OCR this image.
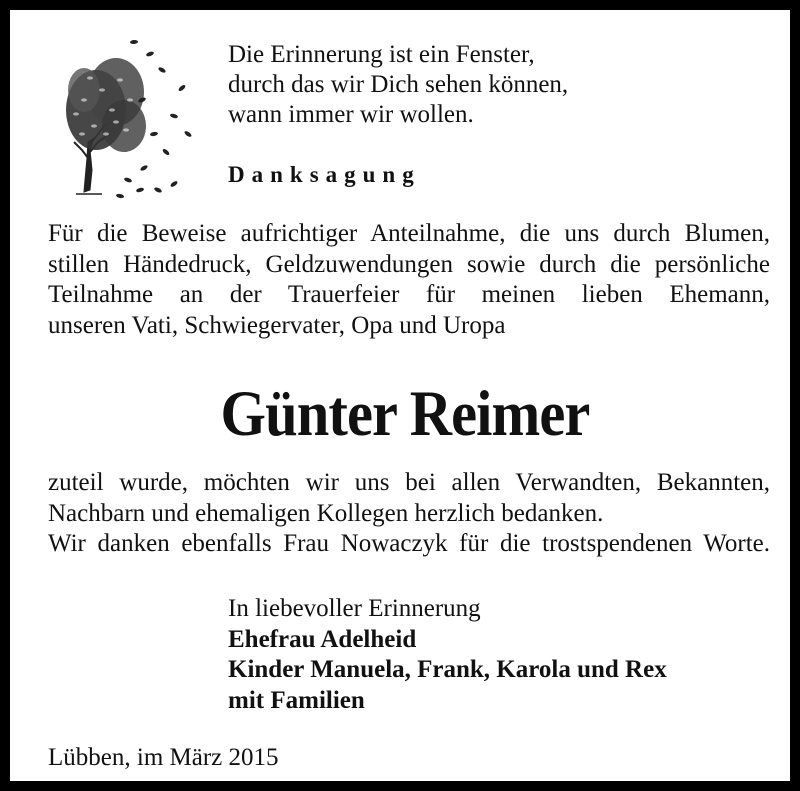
Die Erinnerung ist ein Fenster,
durch das wir Dich sehen können,
wann immer wir wollen.
Danksagung
Für die Beweise aufrichtiger Anteilnahme, die uns durch Blumen,
stillen Händedruck, Geldzuwendungen sowie durch die persönliche
Teilnahme an der Trauerfeier für meinen lieben Ehemann,
unseren Vati, Schwiegervater, Opa und Uropa
Günter Reimer
zuteil wurde, möchten wir uns bei allen Verwandten, Bekannten,
Nachbarn und ehemaligen Kollegen herzlich bedanken.
Wir danken ebenfalls Frau Nowaczyk für die trostspendenen Worte.
In liebevoller Erinnerung
Ehefrau Adelheid
Kinder Manuela, Frank, Karola und Rex
mit Familien
Lübben, im März 2015
